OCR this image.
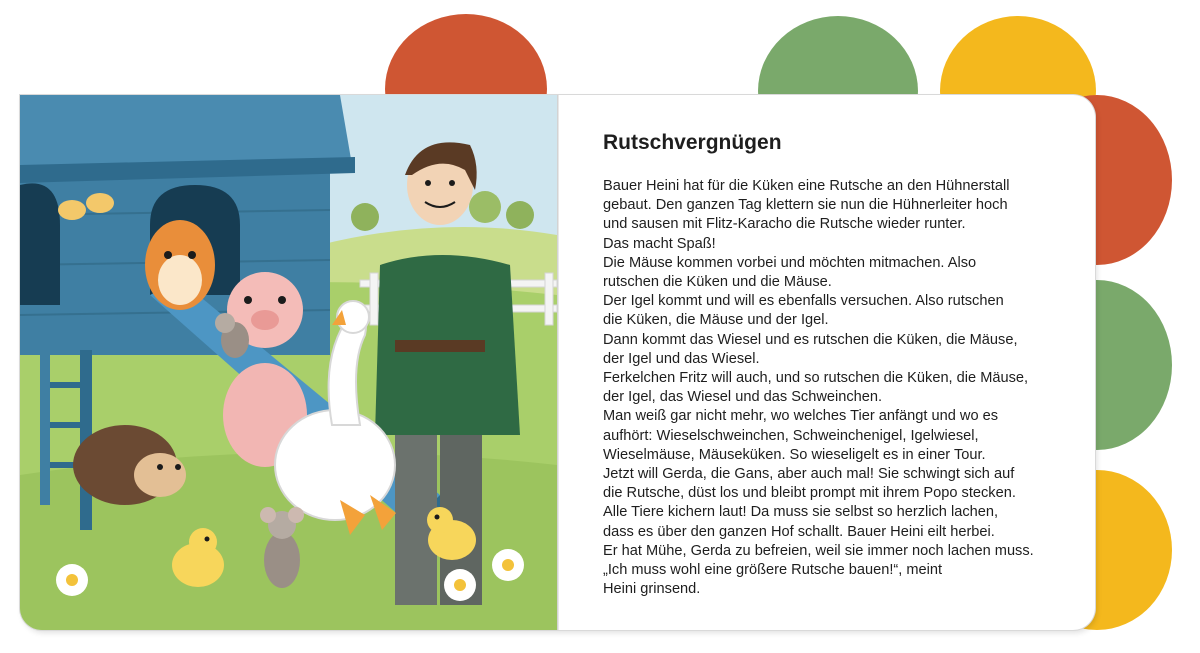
Rutschvergnügen

Bauer Heini hat für die Küken eine Rutsche an den Hühnerstall

gebaut. Den ganzen Tag klettern sie nun die Hühnerleiter hoch

und sausen mit Flitz-Karacho die Rutsche wieder runter.

Das macht Spaß!

Die Mäuse kommen vorbei und möchten mitmachen. Also

rutschen die Küken und die Mäuse.

Der Igel kommt und will es ebenfalls versuchen. Also rutschen

die Küken, die Mäuse und der Igel.

Dann kommt das Wiesel und es rutschen die Küken, die Mäuse,

der Igel und das Wiesel.

Ferkelchen Fritz will auch, und so rutschen die Küken, die Mäuse,

der Igel, das Wiesel und das Schweinchen.

Man weiß gar nicht mehr, wo welches Tier anfängt und wo es

aufhört: Wieselschweinchen, Schweinchenigel, Igelwiesel,

Wieselmäuse, Mäuseküken. So wieseligelt es in einer Tour.

Jetzt will Gerda, die Gans, aber auch mal! Sie schwingt sich auf

die Rutsche, düst los und bleibt prompt mit ihrem Popo stecken.

Alle Tiere kichern laut! Da muss sie selbst so herzlich lachen,

dass es über den ganzen Hof schallt. Bauer Heini eilt herbei.

Er hat Mühe, Gerda zu befreien, weil sie immer noch lachen muss.

„Ich muss wohl eine größere Rutsche bauen!“, meint

Heini grinsend.
